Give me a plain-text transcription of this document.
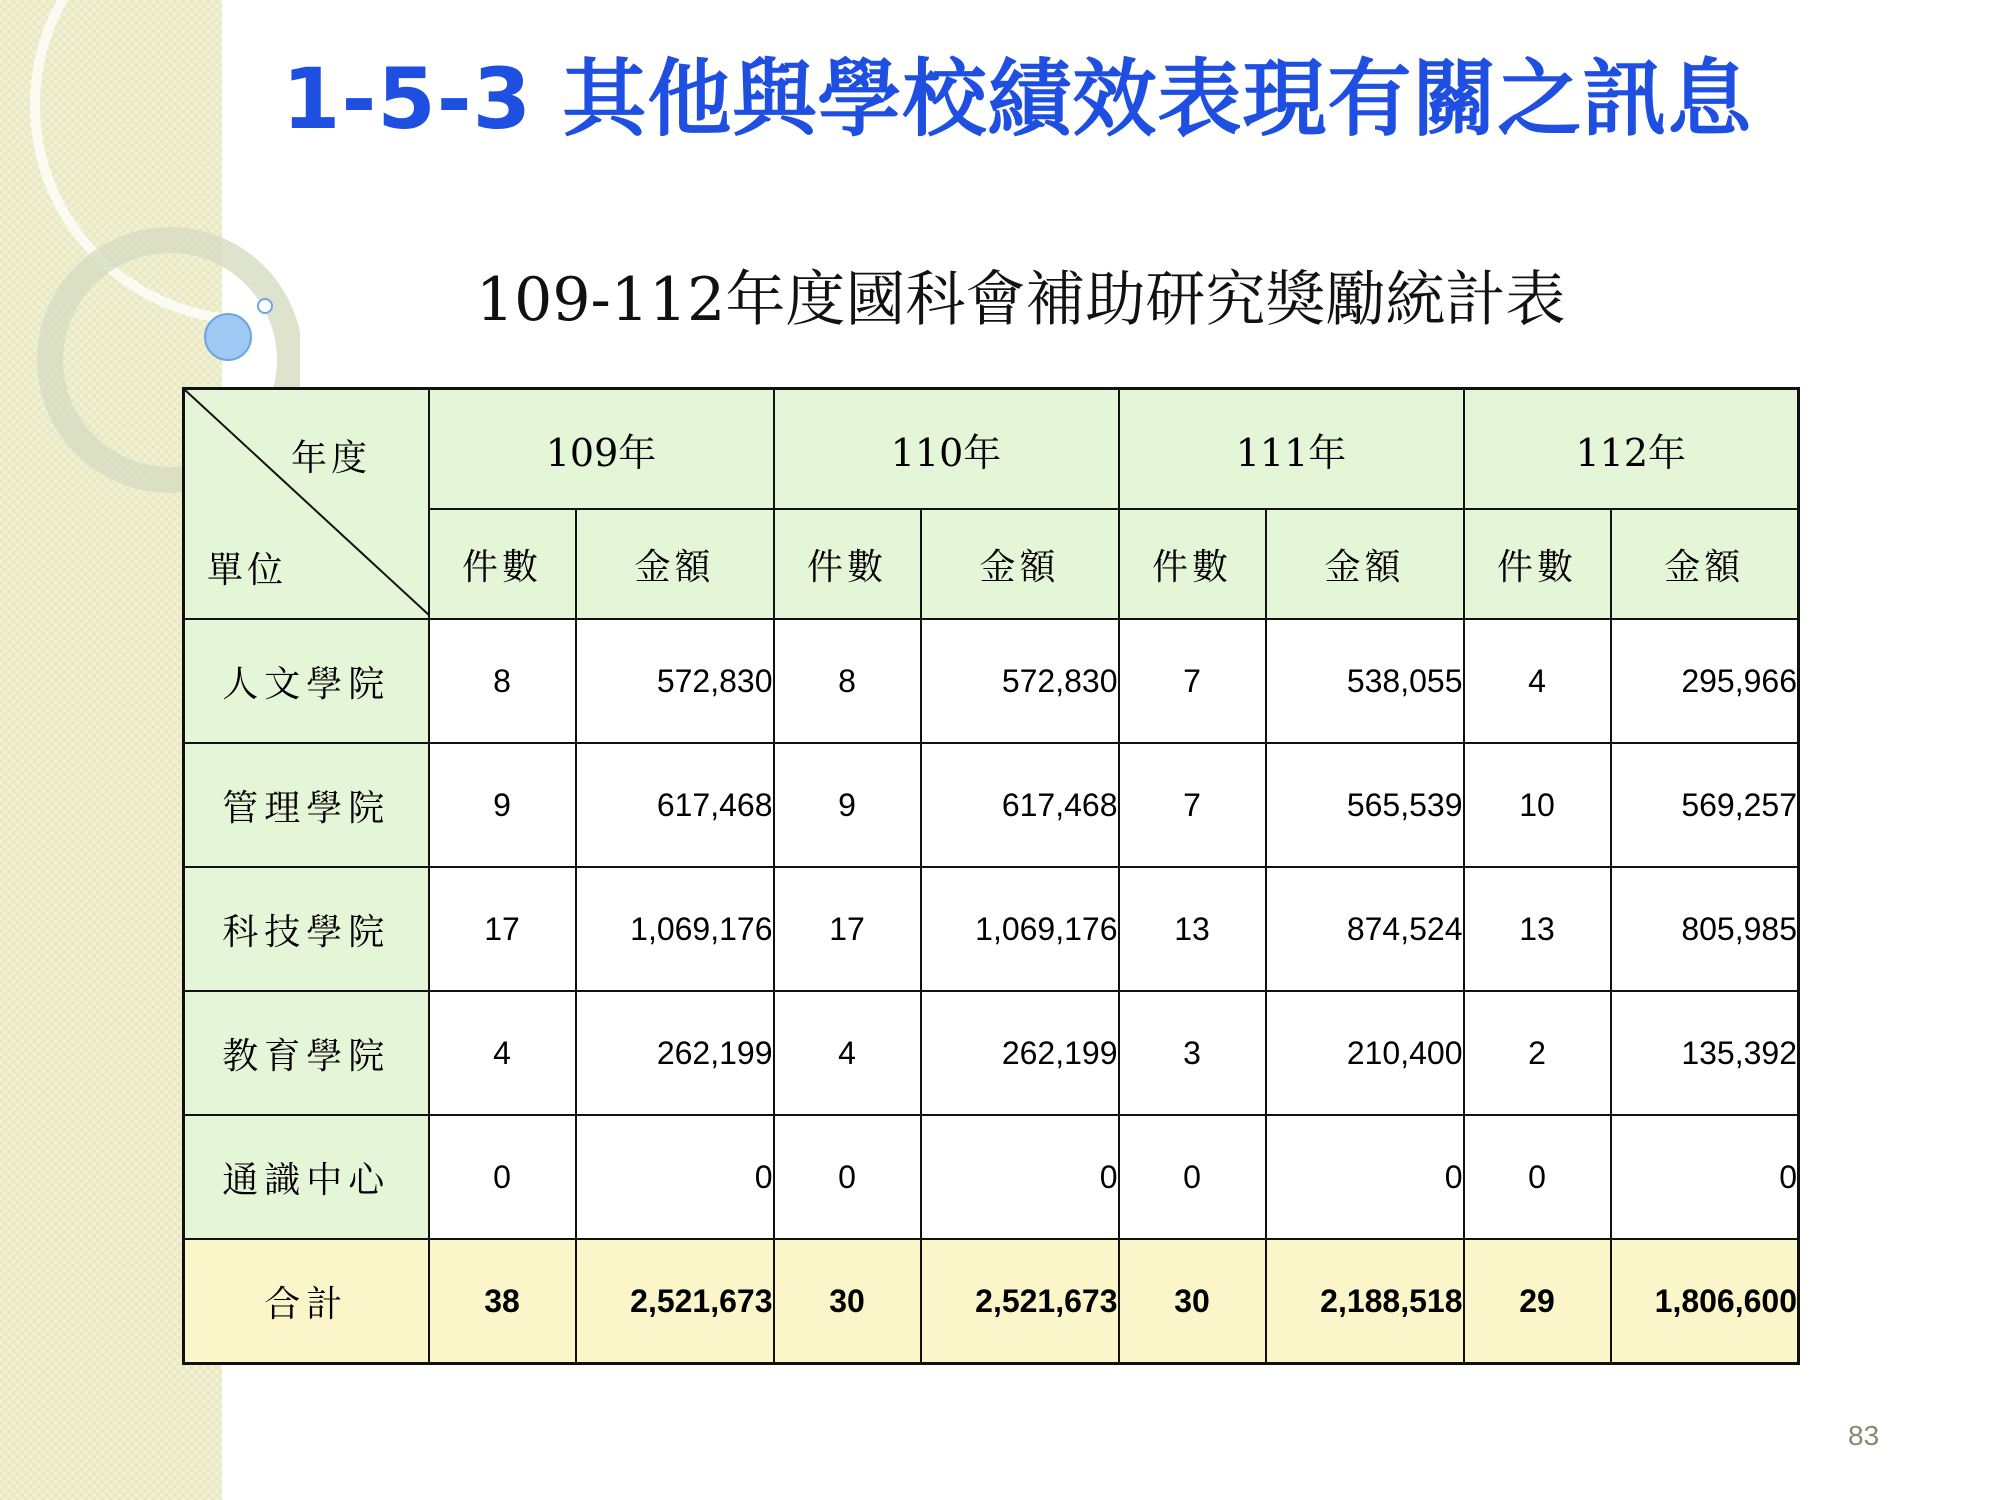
1-5-3 其他與學校績效表現有關之訊息
109-112年度國科會補助研究獎勵統計表
年度
單位	109年		110年		111年		112年	
	件數	金額	件數	金額	件數	金額	件數	金額
人文學院	8	572,830	8	572,830	7	538,055	4	295,966
管理學院	9	617,468	9	617,468	7	565,539	10	569,257
科技學院	17	1,069,176	17	1,069,176	13	874,524	13	805,985
教育學院	4	262,199	4	262,199	3	210,400	2	135,392
通識中心	0	0	0	0	0	0	0	0
合計	38	2,521,673	30	2,521,673	30	2,188,518	29	1,806,600
83
